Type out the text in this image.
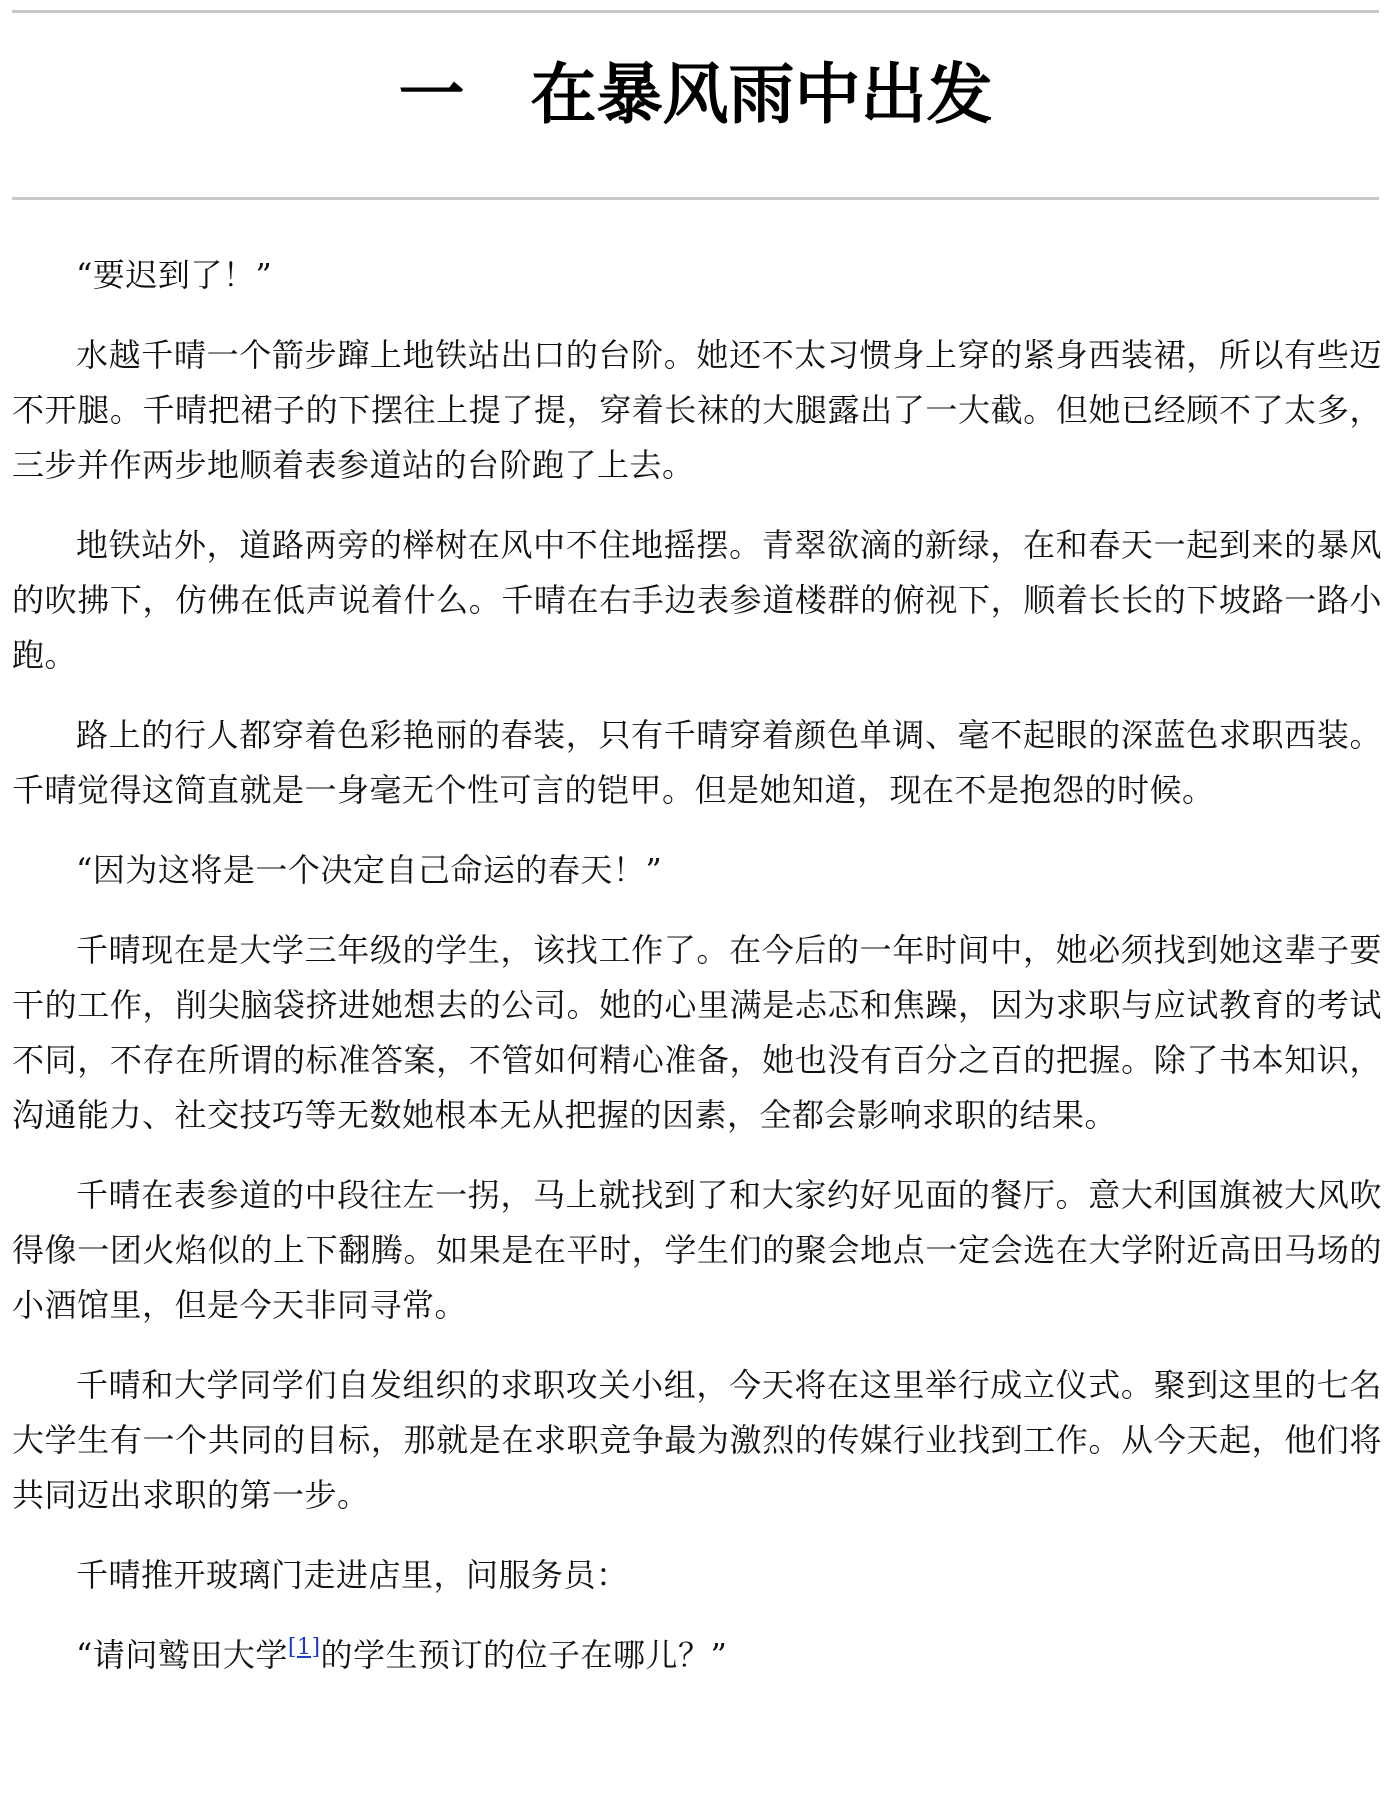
一　在暴风雨中出发

“要迟到了！”

水越千晴一个箭步蹿上地铁站出口的台阶。她还不太习惯身上穿的紧身西装裙，所以有些迈不开腿。千晴把裙子的下摆往上提了提，穿着长袜的大腿露出了一大截。但她已经顾不了太多，三步并作两步地顺着表参道站的台阶跑了上去。

地铁站外，道路两旁的榉树在风中不住地摇摆。青翠欲滴的新绿，在和春天一起到来的暴风的吹拂下，仿佛在低声说着什么。千晴在右手边表参道楼群的俯视下，顺着长长的下坡路一路小跑。

路上的行人都穿着色彩艳丽的春装，只有千晴穿着颜色单调、毫不起眼的深蓝色求职西装。千晴觉得这简直就是一身毫无个性可言的铠甲。但是她知道，现在不是抱怨的时候。

“因为这将是一个决定自己命运的春天！”

千晴现在是大学三年级的学生，该找工作了。在今后的一年时间中，她必须找到她这辈子要干的工作，削尖脑袋挤进她想去的公司。她的心里满是忐忑和焦躁，因为求职与应试教育的考试不同，不存在所谓的标准答案，不管如何精心准备，她也没有百分之百的把握。除了书本知识，沟通能力、社交技巧等无数她根本无从把握的因素，全都会影响求职的结果。

千晴在表参道的中段往左一拐，马上就找到了和大家约好见面的餐厅。意大利国旗被大风吹得像一团火焰似的上下翻腾。如果是在平时，学生们的聚会地点一定会选在大学附近高田马场的小酒馆里，但是今天非同寻常。

千晴和大学同学们自发组织的求职攻关小组，今天将在这里举行成立仪式。聚到这里的七名大学生有一个共同的目标，那就是在求职竞争最为激烈的传媒行业找到工作。从今天起，他们将共同迈出求职的第一步。

千晴推开玻璃门走进店里，问服务员：

“请问鹫田大学[1]的学生预订的位子在哪儿？”
